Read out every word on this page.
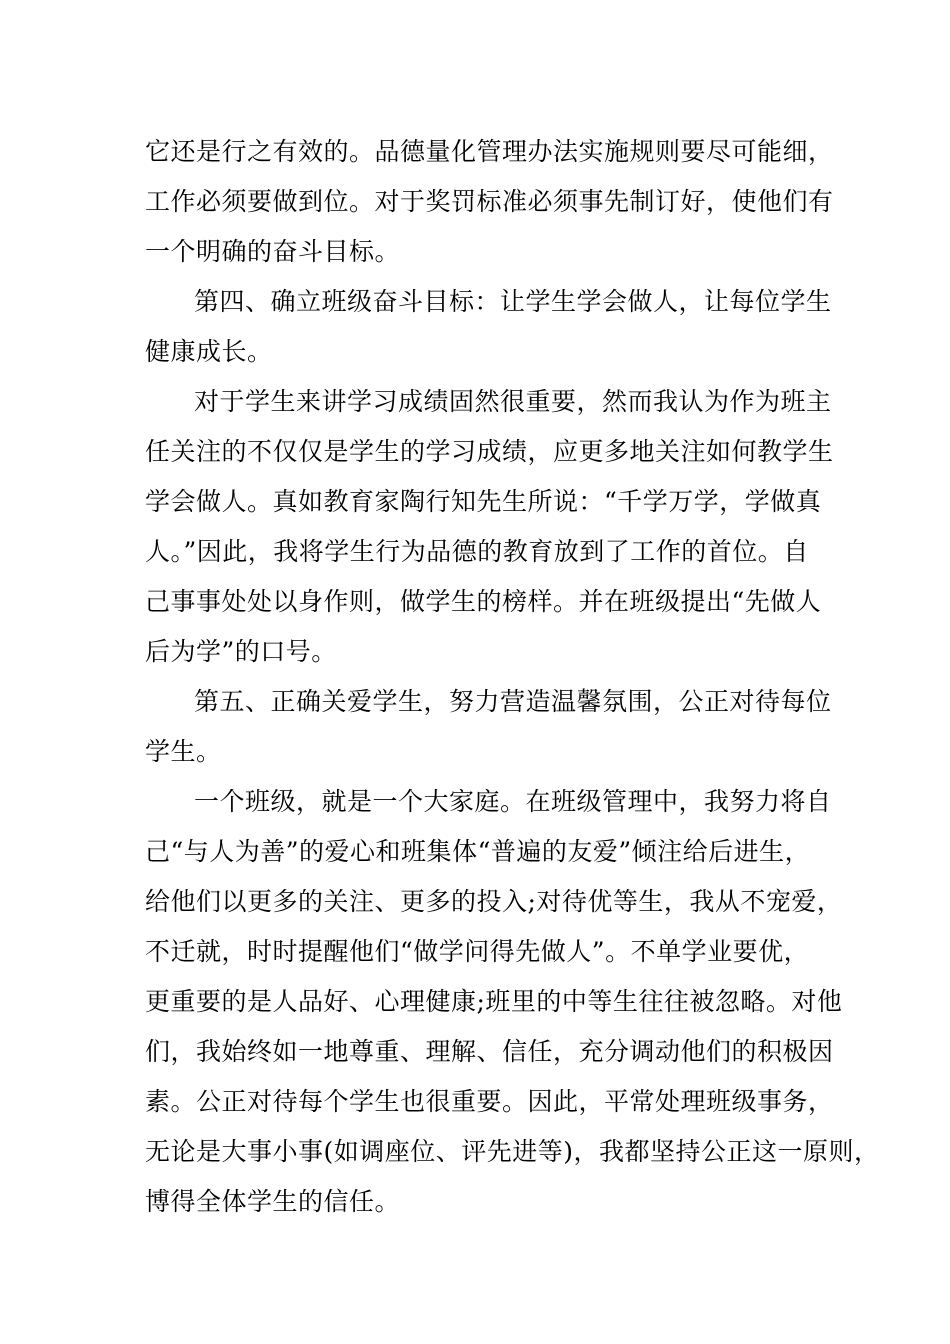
它还是行之有效的。品德量化管理办法实施规则要尽可能细，
工作必须要做到位。对于奖罚标准必须事先制订好，使他们有
一个明确的奋斗目标。
第四、确立班级奋斗目标：让学生学会做人，让每位学生
健康成长。
对于学生来讲学习成绩固然很重要，然而我认为作为班主
任关注的不仅仅是学生的学习成绩，应更多地关注如何教学生
学会做人。真如教育家陶行知先生所说：“千学万学，学做真
人。”因此，我将学生行为品德的教育放到了工作的首位。自
己事事处处以身作则，做学生的榜样。并在班级提出“先做人
后为学”的口号。
第五、正确关爱学生，努力营造温馨氛围，公正对待每位
学生。
一个班级，就是一个大家庭。在班级管理中，我努力将自
己“与人为善”的爱心和班集体“普遍的友爱”倾注给后进生，
给他们以更多的关注、更多的投入;对待优等生，我从不宠爱，
不迁就，时时提醒他们“做学问得先做人”。不单学业要优，
更重要的是人品好、心理健康;班里的中等生往往被忽略。对他
们，我始终如一地尊重、理解、信任，充分调动他们的积极因
素。公正对待每个学生也很重要。因此，平常处理班级事务，
无论是大事小事(如调座位、评先进等)，我都坚持公正这一原则，
博得全体学生的信任。
